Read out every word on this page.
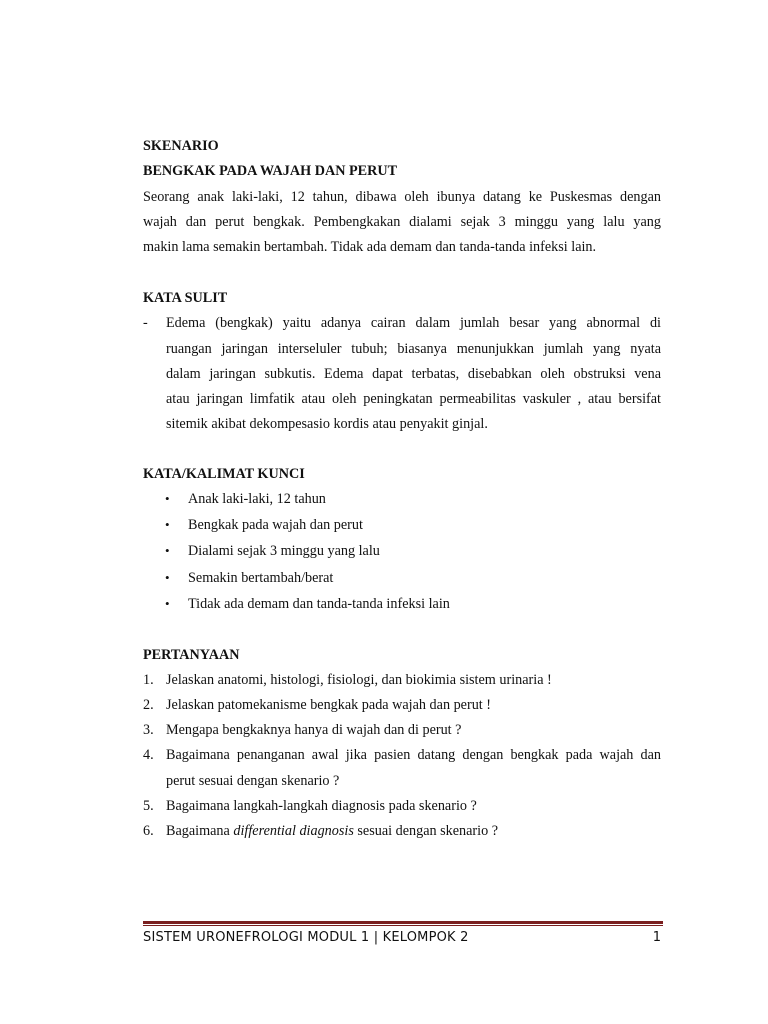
SKENARIO
BENGKAK PADA WAJAH DAN PERUT
Seorang anak laki-laki, 12 tahun, dibawa oleh ibunya datang ke Puskesmas dengan
wajah dan perut bengkak. Pembengkakan dialami sejak 3 minggu yang lalu yang
makin lama semakin bertambah. Tidak ada demam dan tanda-tanda infeksi lain.
KATA SULIT
- Edema (bengkak) yaitu adanya cairan dalam jumlah besar yang abnormal di
ruangan jaringan interseluler tubuh; biasanya menunjukkan jumlah yang nyata
dalam jaringan subkutis. Edema dapat terbatas, disebabkan oleh obstruksi vena
atau jaringan limfatik atau oleh peningkatan permeabilitas vaskuler , atau bersifat
sitemik akibat dekompesasio kordis atau penyakit ginjal.
KATA/KALIMAT KUNCI
• Anak laki-laki, 12 tahun
• Bengkak pada wajah dan perut
• Dialami sejak 3 minggu yang lalu
• Semakin bertambah/berat
• Tidak ada demam dan tanda-tanda infeksi lain
PERTANYAAN
1. Jelaskan anatomi, histologi, fisiologi, dan biokimia sistem urinaria !
2. Jelaskan patomekanisme bengkak pada wajah dan perut !
3. Mengapa bengkaknya hanya di wajah dan di perut ?
4. Bagaimana penanganan awal jika pasien datang dengan bengkak pada wajah dan
perut sesuai dengan skenario ?
5. Bagaimana langkah-langkah diagnosis pada skenario ?
6. Bagaimana differential diagnosis sesuai dengan skenario ?
SISTEM URONEFROLOGI MODUL 1 | KELOMPOK 2	1
